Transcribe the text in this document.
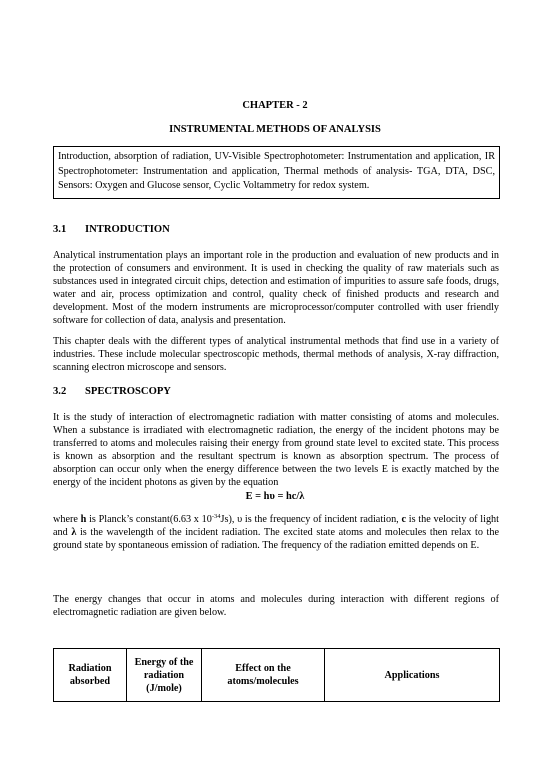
CHAPTER - 2
INSTRUMENTAL METHODS OF ANALYSIS
Introduction, absorption of radiation, UV-Visible Spectrophotometer: Instrumentation and application, IR Spectrophotometer: Instrumentation and application, Thermal methods of analysis- TGA, DTA, DSC, Sensors: Oxygen and Glucose sensor, Cyclic Voltammetry for redox system.
3.1 INTRODUCTION
Analytical instrumentation plays an important role in the production and evaluation of new products and in the protection of consumers and environment. It is used in checking the quality of raw materials such as substances used in integrated circuit chips, detection and estimation of impurities to assure safe foods, drugs, water and air, process optimization and control, quality check of finished products and research and development. Most of the modern instruments are microprocessor/computer controlled with user friendly software for collection of data, analysis and presentation.
This chapter deals with the different types of analytical instrumental methods that find use in a variety of industries. These include molecular spectroscopic methods, thermal methods of analysis, X-ray diffraction, scanning electron microscope and sensors.
3.2 SPECTROSCOPY
It is the study of interaction of electromagnetic radiation with matter consisting of atoms and molecules. When a substance is irradiated with electromagnetic radiation, the energy of the incident photons may be transferred to atoms and molecules raising their energy from ground state level to excited state. This process is known as absorption and the resultant spectrum is known as absorption spectrum. The process of absorption can occur only when the energy difference between the two levels E is exactly matched by the energy of the incident photons as given by the equation
E = hυ = hc/λ
where h is Planck’s constant(6.63 x $10^{-34}Js$), υ is the frequency of incident radiation, c is the velocity of light and λ is the wavelength of the incident radiation. The excited state atoms and molecules then relax to the ground state by spontaneous emission of radiation. The frequency of the radiation emitted depends on E.
The energy changes that occur in atoms and molecules during interaction with different regions of electromagnetic radiation are given below.
Radiation absorbed	Energy of the radiation (J/mole)	Effect on the atoms/molecules	Applications
